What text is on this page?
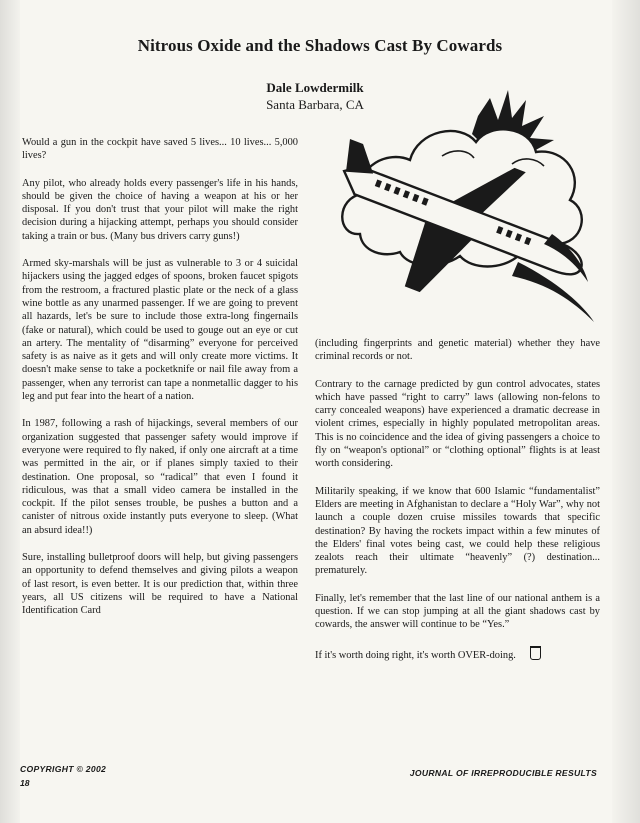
Nitrous Oxide and the Shadows Cast By Cowards

Dale Lowdermilk

Santa Barbara, CA

Would a gun in the cockpit have saved 5 lives... 10 lives... 5,000 lives?

Any pilot, who already holds every passenger's life in his hands, should be given the choice of having a weapon at his or her disposal. If you don't trust that your pilot will make the right decision during a hijacking attempt, perhaps you should consider taking a train or bus. (Many bus drivers carry guns!)

Armed sky-marshals will be just as vulnerable to 3 or 4 suicidal hijackers using the jagged edges of spoons, broken faucet spigots from the restroom, a fractured plastic plate or the neck of a glass wine bottle as any unarmed passenger. If we are going to prevent all hazards, let's be sure to include those extra-long fingernails (fake or natural), which could be used to gouge out an eye or cut an artery. The mentality of “disarming” everyone for perceived safety is as naive as it gets and will only create more victims. It doesn't make sense to take a pocketknife or nail file away from a passenger, when any terrorist can tape a nonmetallic dagger to his leg and put fear into the heart of a nation.

In 1987, following a rash of hijackings, several members of our organization suggested that passenger safety would improve if everyone were required to fly naked, if only one aircraft at a time was permitted in the air, or if planes simply taxied to their destination. One proposal, so “radical” that even I found it ridiculous, was that a small video camera be installed in the cockpit. If the pilot senses trouble, be pushes a button and a canister of nitrous oxide instantly puts everyone to sleep. (What an absurd idea!!)

Sure, installing bulletproof doors will help, but giving passengers an opportunity to defend themselves and giving pilots a weapon of last resort, is even better. It is our prediction that, within three years, all US citizens will be required to have a National Identification Card

(including fingerprints and genetic material) whether they have criminal records or not.

Contrary to the carnage predicted by gun control advocates, states which have passed “right to carry” laws (allowing non-felons to carry concealed weapons) have experienced a dramatic decrease in violent crimes, especially in highly populated metropolitan areas. This is no coincidence and the idea of giving passengers a choice to fly on “weapon's optional” or “clothing optional” flights is at least worth considering.

Militarily speaking, if we know that 600 Islamic “fundamentalist” Elders are meeting in Afghanistan to declare a “Holy War”, why not launch a couple dozen cruise missiles towards that specific destination? By having the rockets impact within a few minutes of the Elders' final votes being cast, we could help these religious zealots reach their ultimate “heavenly” (?) destination... prematurely.

Finally, let's remember that the last line of our national anthem is a question. If we can stop jumping at all the giant shadows cast by cowards, the answer will continue to be “Yes.”

If it's worth doing right, it's worth OVER-doing.

COPYRIGHT © 2002

18

JOURNAL OF IRREPRODUCIBLE RESULTS
